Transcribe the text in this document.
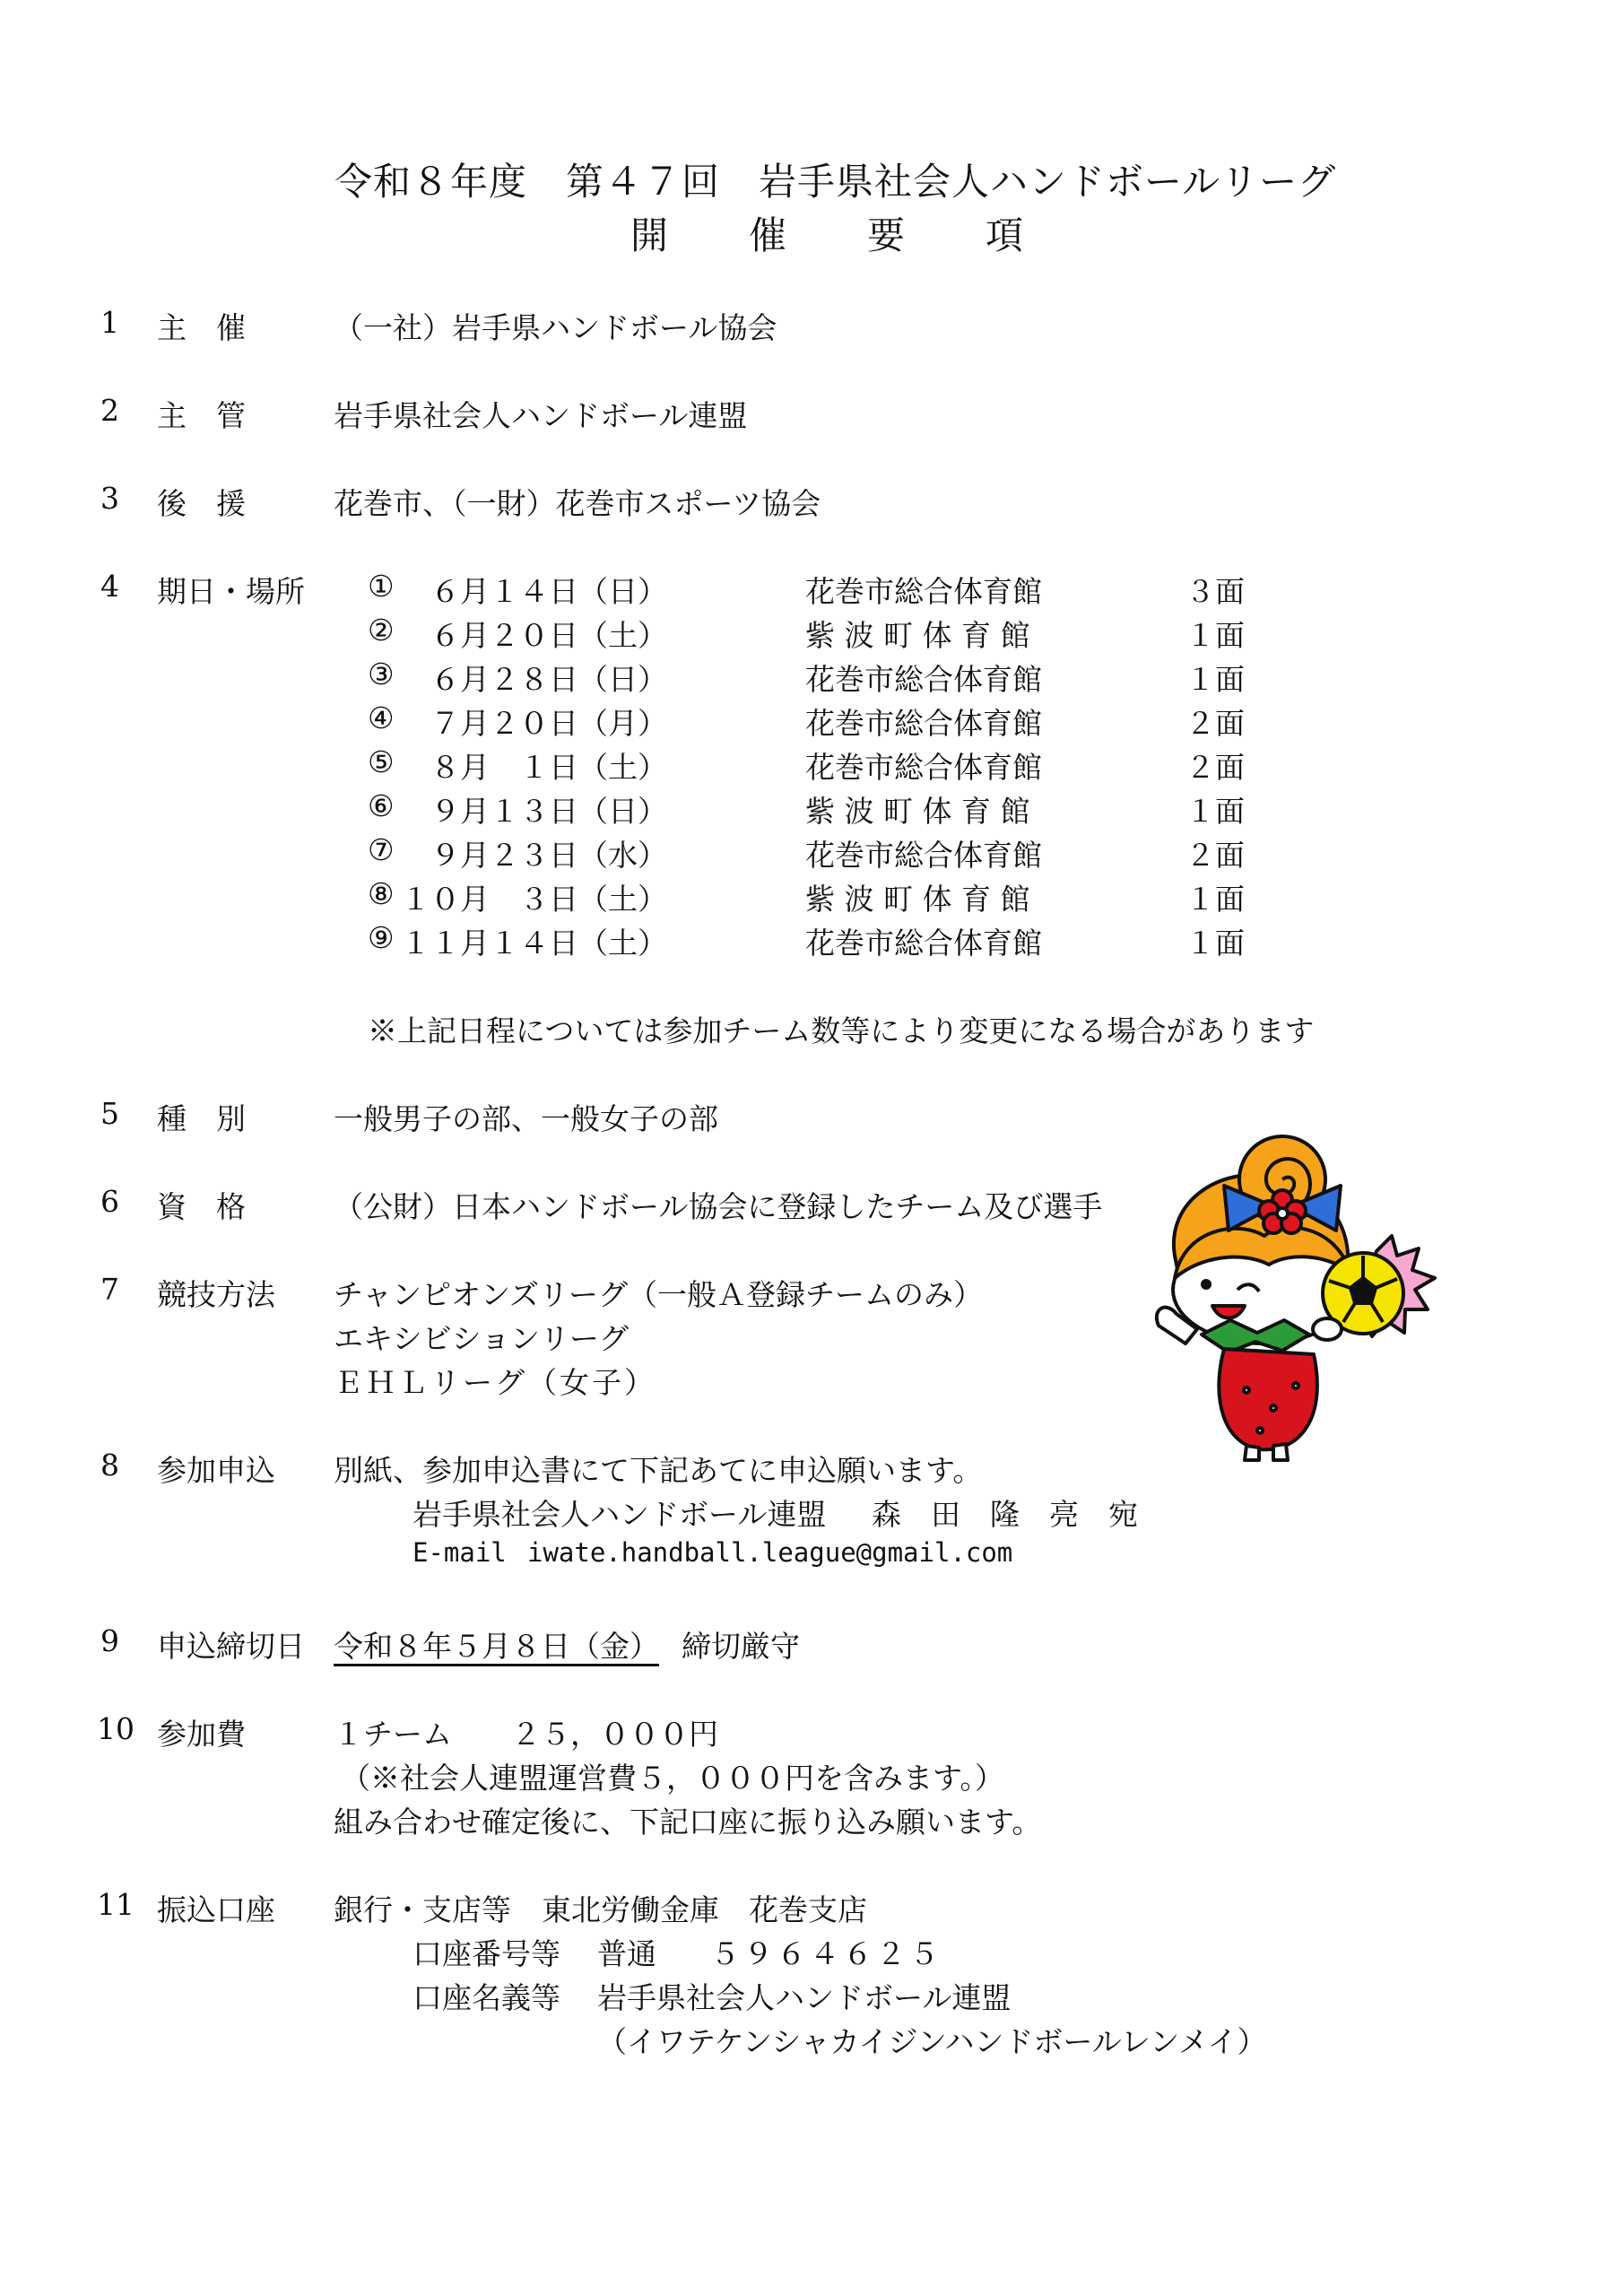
令和８年度　第４７回　岩手県社会人ハンドボールリーグ
開　　催　　要　　項
1 主　催	（一社）岩手県ハンドボール協会
2 主　管	岩手県社会人ハンドボール連盟
3 後　援	花巻市、（一財）花巻市スポーツ協会
4 期日・場所 ① ６月１４日（日）	花巻市総合体育館	３面
② ６月２０日（土）	紫 波 町 体 育 館	１面
③ ６月２８日（日）	花巻市総合体育館	１面
④ ７月２０日（月）	花巻市総合体育館	２面
⑤ ８月　１日（土）	花巻市総合体育館	２面
⑥ ９月１３日（日）	紫 波 町 体 育 館	１面
⑦ ９月２３日（水）	花巻市総合体育館	２面
⑧ １０月　３日（土）	紫 波 町 体 育 館	１面
⑨ １１月１４日（土）	花巻市総合体育館	１面
※上記日程については参加チーム数等により変更になる場合があります
5 種　別	一般男子の部、一般女子の部
6 資　格	（公財）日本ハンドボール協会に登録したチーム及び選手
7 競技方法 チャンピオンズリーグ（一般Ａ登録チームのみ）
エキシビションリーグ
ＥＨＬリーグ（女子）
8 参加申込 別紙、参加申込書にて下記あてに申込願います。
岩手県社会人ハンドボール連盟 森　田　隆　亮　宛
E-mail iwate.handball.league@gmail.com
9 申込締切日 令和８年５月８日（金） 締切厳守
10 参加費	１チーム ２５，０００円
（※社会人連盟運営費５，０００円を含みます。）
組み合わせ確定後に、下記口座に振り込み願います。
11 振込口座 銀行・支店等 東北労働金庫　花巻支店
口座番号等 普通 ５９６４６２５
口座名義等 岩手県社会人ハンドボール連盟
（イワテケンシャカイジンハンドボールレンメイ）
